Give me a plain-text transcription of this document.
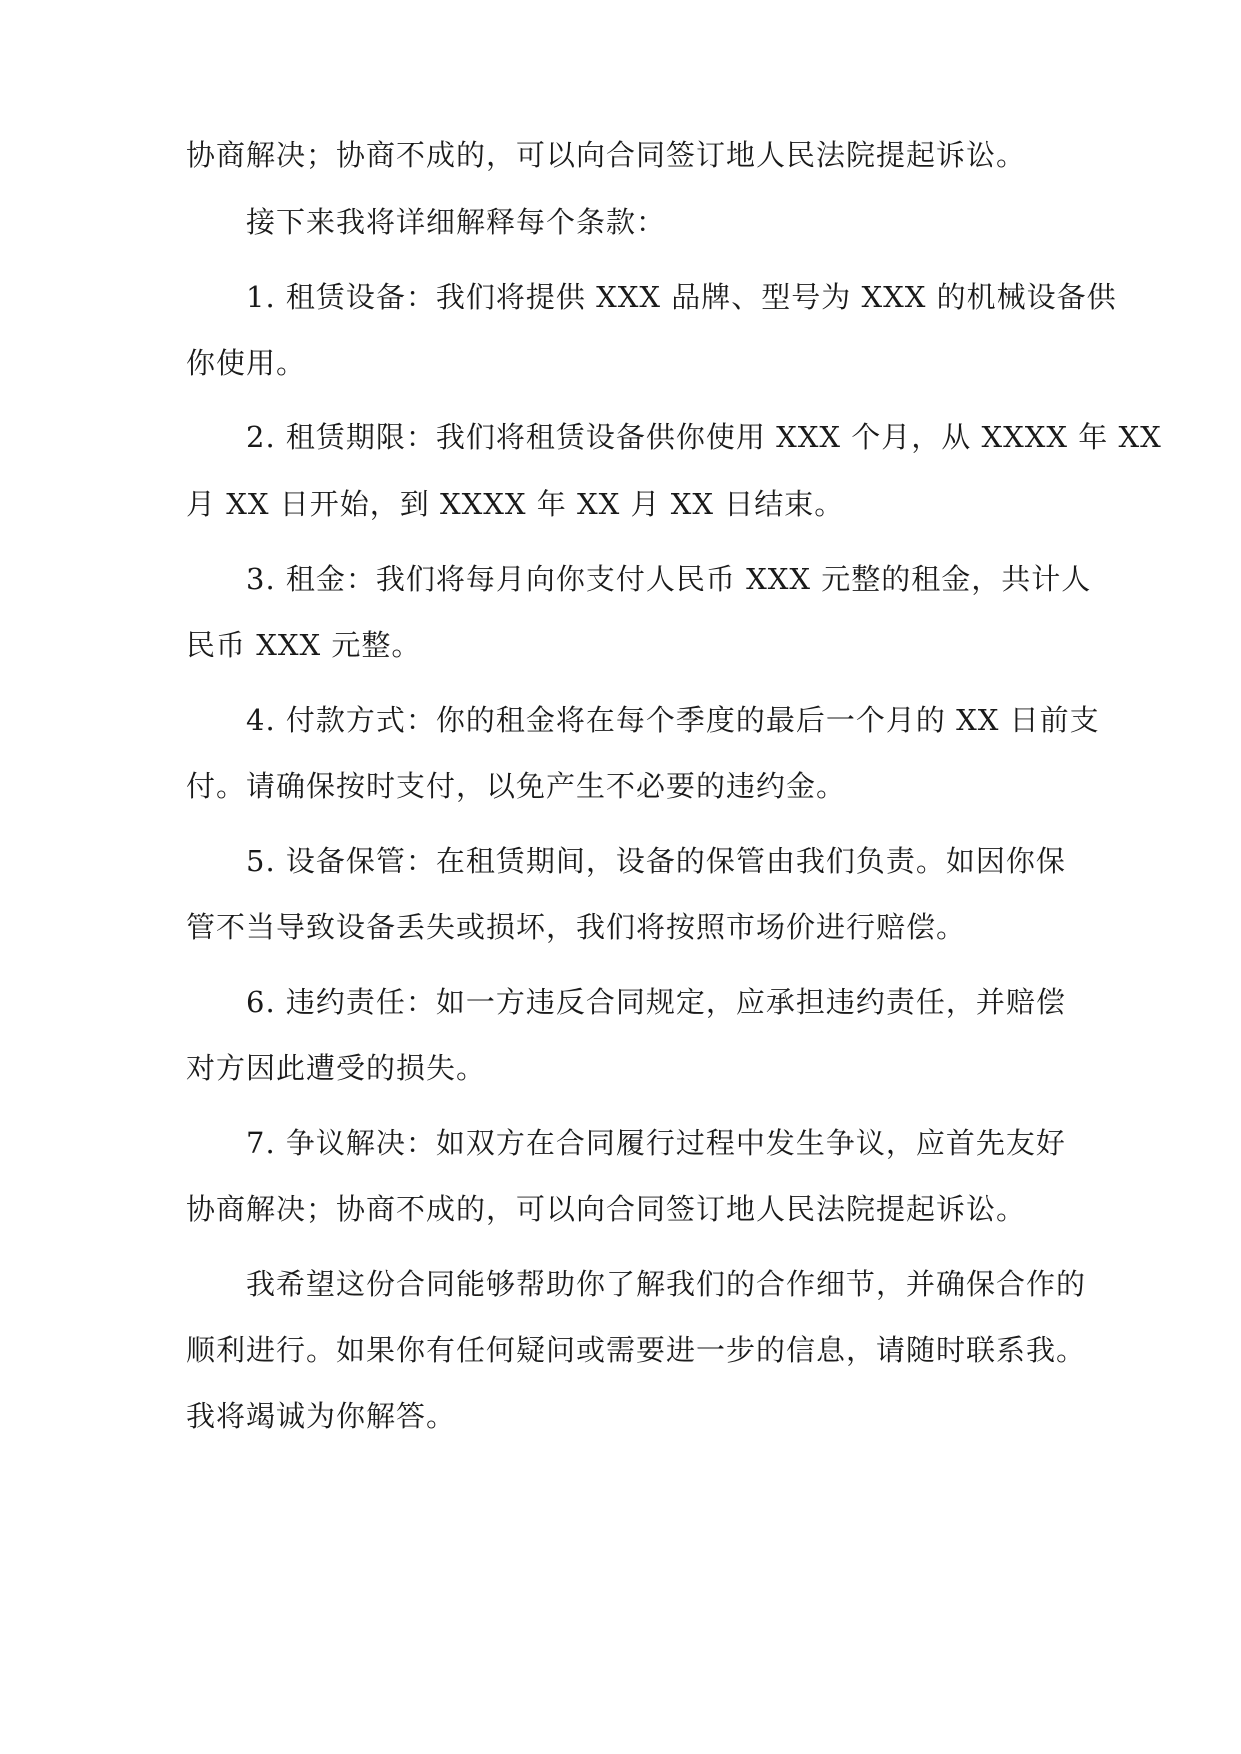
协商解决；协商不成的，可以向合同签订地人民法院提起诉讼。
接下来我将详细解释每个条款：
1. 租赁设备：我们将提供 XXX 品牌、型号为 XXX 的机械设备供
你使用。
2. 租赁期限：我们将租赁设备供你使用 XXX 个月，从 XXXX 年 XX
月 XX 日开始，到 XXXX 年 XX 月 XX 日结束。
3. 租金：我们将每月向你支付人民币 XXX 元整的租金，共计人
民币 XXX 元整。
4. 付款方式：你的租金将在每个季度的最后一个月的 XX 日前支
付。请确保按时支付，以免产生不必要的违约金。
5. 设备保管：在租赁期间，设备的保管由我们负责。如因你保
管不当导致设备丢失或损坏，我们将按照市场价进行赔偿。
6. 违约责任：如一方违反合同规定，应承担违约责任，并赔偿
对方因此遭受的损失。
7. 争议解决：如双方在合同履行过程中发生争议，应首先友好
协商解决；协商不成的，可以向合同签订地人民法院提起诉讼。
我希望这份合同能够帮助你了解我们的合作细节，并确保合作的
顺利进行。如果你有任何疑问或需要进一步的信息，请随时联系我。
我将竭诚为你解答。
